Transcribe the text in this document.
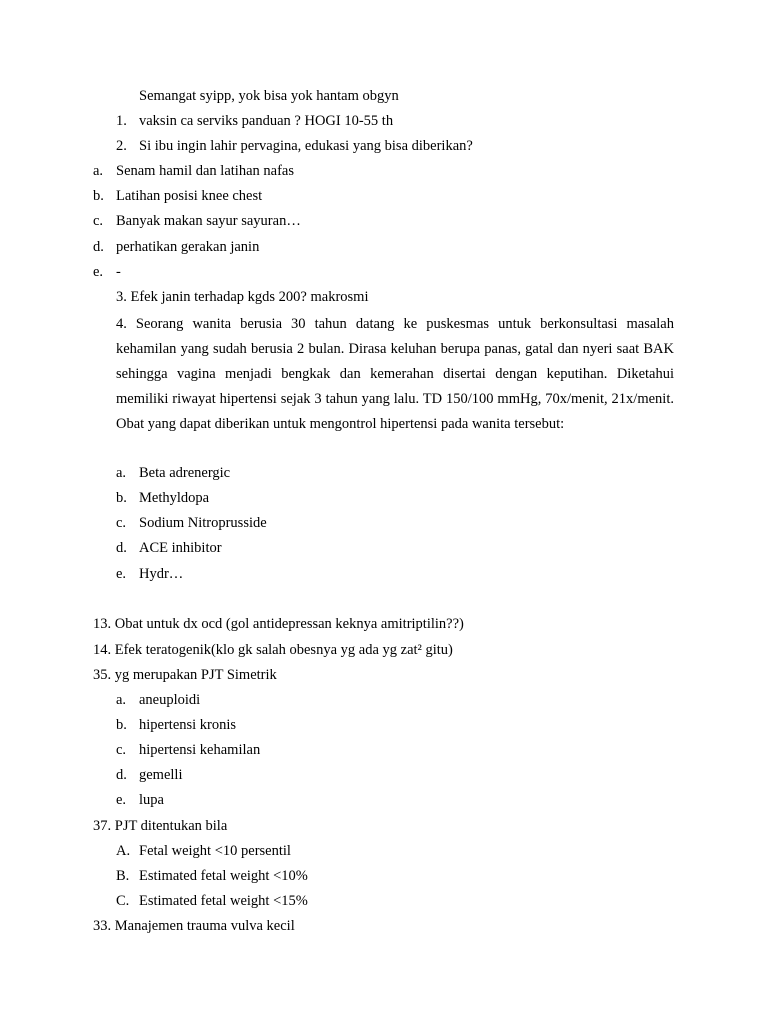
Semangat syipp, yok bisa yok hantam obgyn
1. vaksin ca serviks panduan ? HOGI 10-55 th
2. Si ibu ingin lahir pervagina, edukasi yang bisa diberikan?
a. Senam hamil dan latihan nafas
b. Latihan posisi knee chest
c. Banyak makan sayur sayuran…
d. perhatikan gerakan janin
e. -
3. Efek janin terhadap kgds 200? makrosmi
4. Seorang wanita berusia 30 tahun datang ke puskesmas untuk berkonsultasi masalah kehamilan yang sudah berusia 2 bulan. Dirasa keluhan berupa panas, gatal dan nyeri saat BAK sehingga vagina menjadi bengkak dan kemerahan disertai dengan keputihan. Diketahui memiliki riwayat hipertensi sejak 3 tahun yang lalu. TD 150/100 mmHg, 70x/menit, 21x/menit. Obat yang dapat diberikan untuk mengontrol hipertensi pada wanita tersebut:
a. Beta adrenergic
b. Methyldopa
c. Sodium Nitroprusside
d. ACE inhibitor
e. Hydr…
13. Obat untuk dx ocd (gol antidepressan keknya amitriptilin??)
14. Efek teratogenik(klo gk salah obesnya yg ada yg zat² gitu)
35. yg merupakan PJT Simetrik
a. aneuploidi
b. hipertensi kronis
c. hipertensi kehamilan
d. gemelli
e. lupa
37. PJT ditentukan bila
A. Fetal weight <10 persentil
B. Estimated fetal weight <10%
C. Estimated fetal weight <15%
33. Manajemen trauma vulva kecil
